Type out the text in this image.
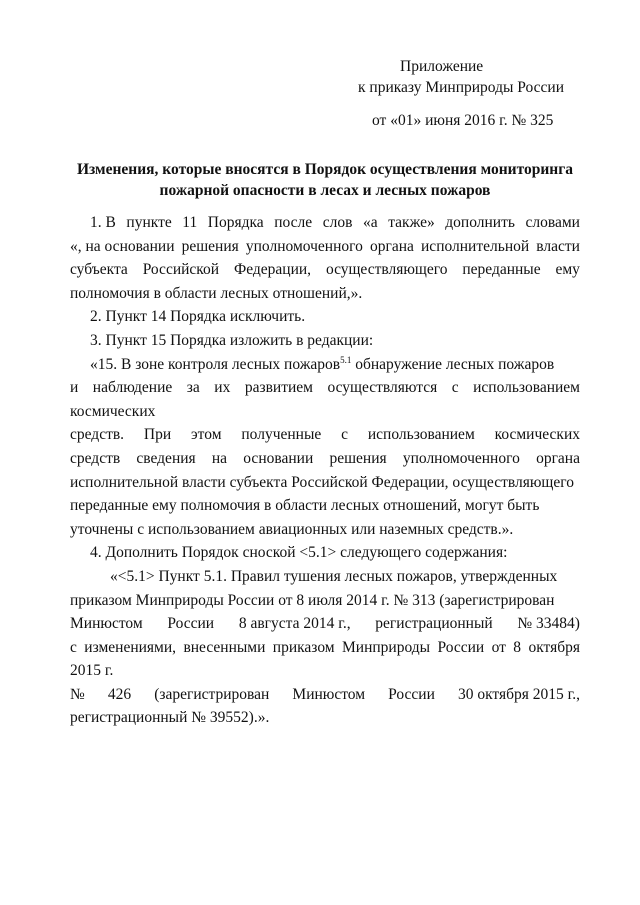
Приложение
к приказу Минприроды России
от «01» июня 2016 г. № 325
Изменения, которые вносятся в Порядок осуществления мониторинга
пожарной опасности в лесах и лесных пожаров
1. В пункте 11 Порядка после слов «а также» дополнить словами
«, на основании решения уполномоченного органа исполнительной власти
субъекта Российской Федерации, осуществляющего переданные ему
полномочия в области лесных отношений,».
2. Пункт 14 Порядка исключить.
3. Пункт 15 Порядка изложить в редакции:
«15. В зоне контроля лесных пожаров$^{5.1}$ обнаружение лесных пожаров
и наблюдение за их развитием осуществляются с использованием космических
средств. При этом полученные с использованием космических
средств сведения на основании решения уполномоченного органа
исполнительной власти субъекта Российской Федерации, осуществляющего
переданные ему полномочия в области лесных отношений, могут быть
уточнены с использованием авиационных или наземных средств.».
4. Дополнить Порядок сноской <5.1> следующего содержания:
«<5.1> Пункт 5.1. Правил тушения лесных пожаров, утвержденных
приказом Минприроды России от 8 июля 2014 г. № 313 (зарегистрирован
Минюстом России 8 августа 2014 г., регистрационный № 33484)
с изменениями, внесенными приказом Минприроды России от 8 октября 2015 г.
№ 426 (зарегистрирован Минюстом России 30 октября 2015 г.,
регистрационный № 39552).».
